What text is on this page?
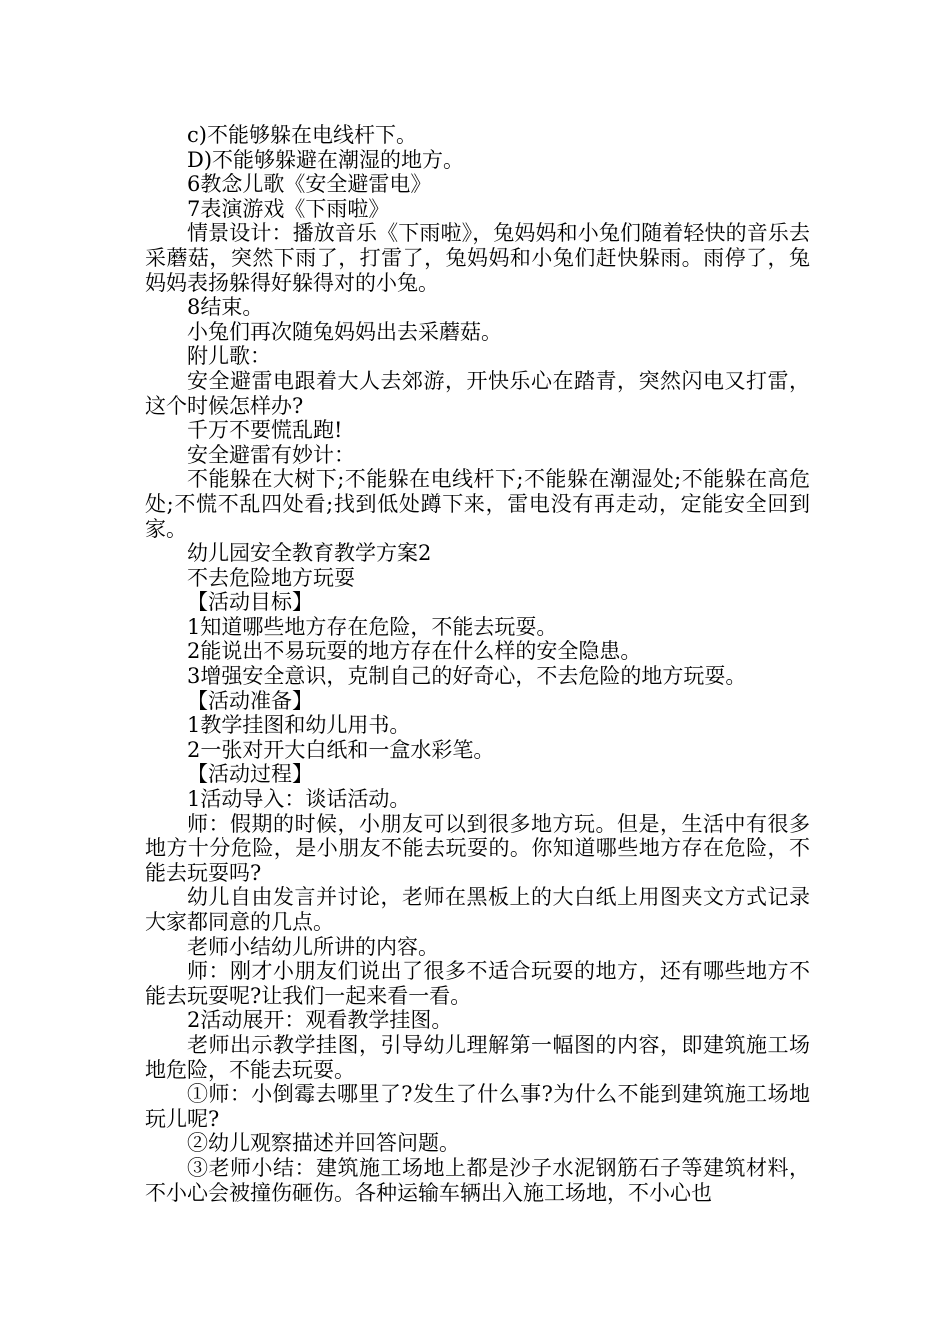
c)不能够躲在电线杆下。

D)不能够躲避在潮湿的地方。

6教念儿歌《安全避雷电》

7表演游戏《下雨啦》

情景设计：播放音乐《下雨啦》，兔妈妈和小兔们随着轻快的音乐去采蘑菇，突然下雨了，打雷了，兔妈妈和小兔们赶快躲雨。雨停了，兔妈妈表扬躲得好躲得对的小兔。

8结束。

小兔们再次随兔妈妈出去采蘑菇。

附儿歌：

安全避雷电跟着大人去郊游，开快乐心在踏青，突然闪电又打雷，这个时候怎样办?

千万不要慌乱跑!

安全避雷有妙计：

不能躲在大树下;不能躲在电线杆下;不能躲在潮湿处;不能躲在高危处;不慌不乱四处看;找到低处蹲下来，雷电没有再走动，定能安全回到家。

幼儿园安全教育教学方案2

不去危险地方玩耍

【活动目标】

1知道哪些地方存在危险，不能去玩耍。

2能说出不易玩耍的地方存在什么样的安全隐患。

3增强安全意识，克制自己的好奇心，不去危险的地方玩耍。

【活动准备】

1教学挂图和幼儿用书。

2一张对开大白纸和一盒水彩笔。

【活动过程】

1活动导入：谈话活动。

师：假期的时候，小朋友可以到很多地方玩。但是，生活中有很多地方十分危险，是小朋友不能去玩耍的。你知道哪些地方存在危险，不能去玩耍吗?

幼儿自由发言并讨论，老师在黑板上的大白纸上用图夹文方式记录大家都同意的几点。

老师小结幼儿所讲的内容。

师：刚才小朋友们说出了很多不适合玩耍的地方，还有哪些地方不能去玩耍呢?让我们一起来看一看。

2活动展开：观看教学挂图。

老师出示教学挂图，引导幼儿理解第一幅图的内容，即建筑施工场地危险，不能去玩耍。

①师：小倒霉去哪里了?发生了什么事?为什么不能到建筑施工场地玩儿呢?

②幼儿观察描述并回答问题。

③老师小结：建筑施工场地上都是沙子水泥钢筋石子等建筑材料，不小心会被撞伤砸伤。各种运输车辆出入施工场地，不小心也
